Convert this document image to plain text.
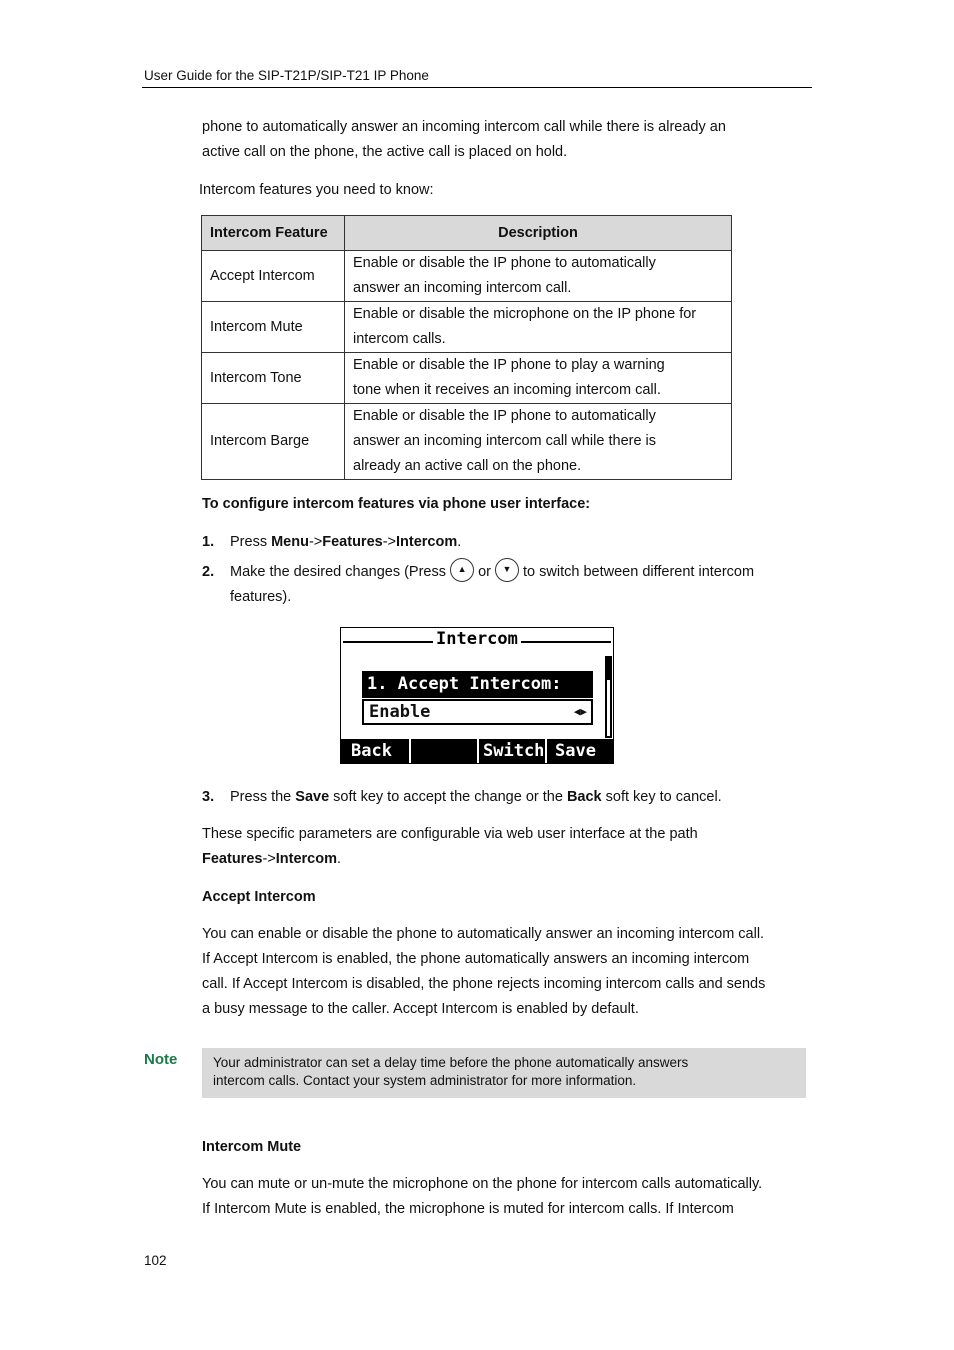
User Guide for the SIP-T21P/SIP-T21 IP Phone
phone to automatically answer an incoming intercom call while there is already an
active call on the phone, the active call is placed on hold.
Intercom features you need to know:
Intercom Feature	Description
Accept Intercom	Enable or disable the IP phone to automatically
answer an incoming intercom call.

Intercom Mute	Enable or disable the microphone on the IP phone for
intercom calls.

Intercom Tone	Enable or disable the IP phone to play a warning
tone when it receives an incoming intercom call.

Intercom Barge	Enable or disable the IP phone to automatically
answer an incoming intercom call while there is
already an active call on the phone.
To configure intercom features via phone user interface:
1. Press Menu->Features->Intercom.
2. Make the desired changes (Press ▲ or ▼ to switch between different intercom
features).
Intercom
1. Accept Intercom:
Enable	◀▶
Back	Switch Save
3. Press the Save soft key to accept the change or the Back soft key to cancel.
These specific parameters are configurable via web user interface at the path
Features->Intercom.
Accept Intercom
You can enable or disable the phone to automatically answer an incoming intercom call.
If Accept Intercom is enabled, the phone automatically answers an incoming intercom
call. If Accept Intercom is disabled, the phone rejects incoming intercom calls and sends
a busy message to the caller. Accept Intercom is enabled by default.
Note	Your administrator can set a delay time before the phone automatically answers
intercom calls. Contact your system administrator for more information.
Intercom Mute
You can mute or un-mute the microphone on the phone for intercom calls automatically.
If Intercom Mute is enabled, the microphone is muted for intercom calls. If Intercom
102
